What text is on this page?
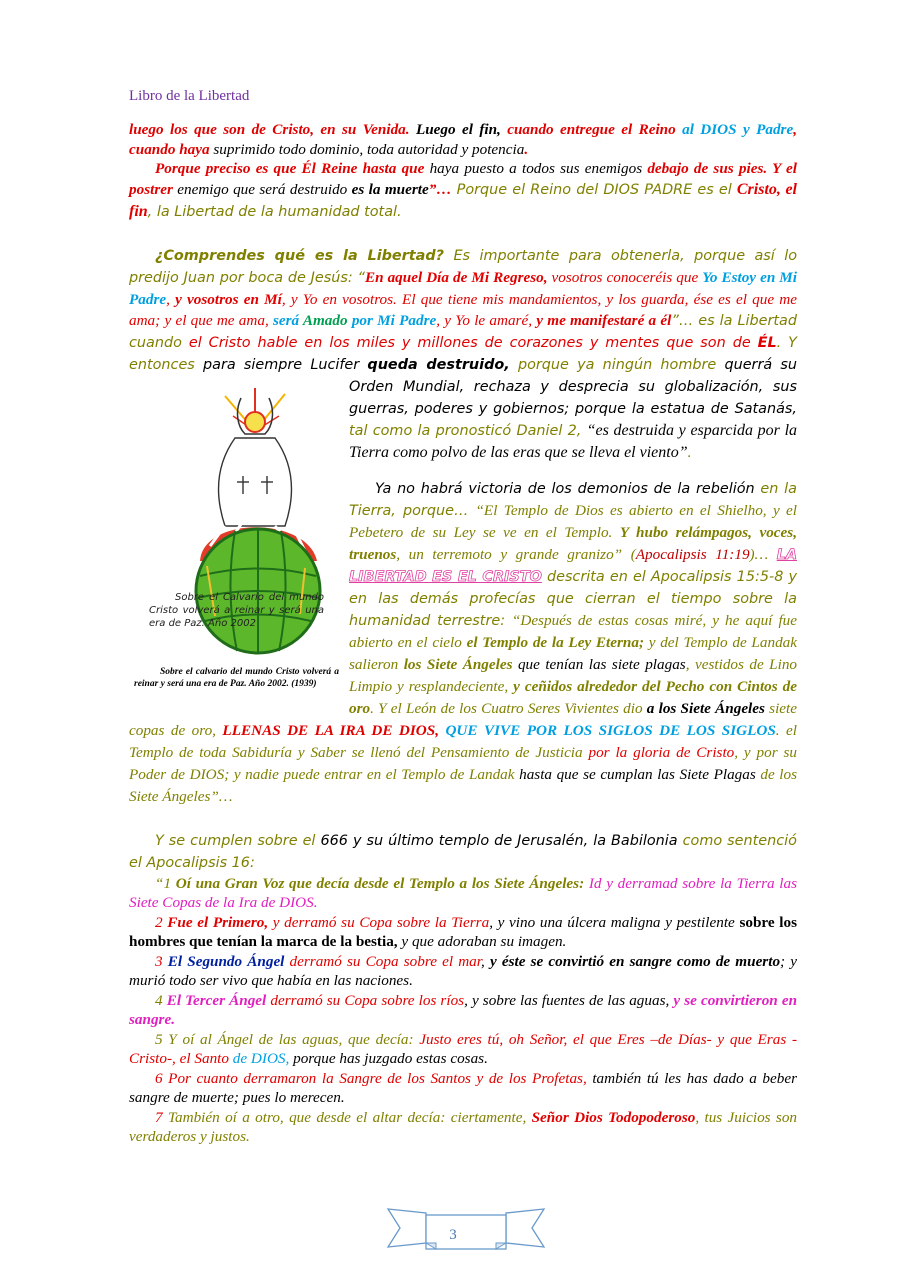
Libro de la Libertad

luego los que son de Cristo, en su Venida. Luego el fin, cuando entregue el Reino al DIOS y Padre, cuando haya suprimido todo dominio, toda autoridad y potencia.

Porque preciso es que Él Reine hasta que haya puesto a todos sus enemigos debajo de sus pies. Y el postrer enemigo que será destruido es la muerte”… Porque el Reino del DIOS PADRE es el Cristo, el fin, la Libertad de la humanidad total.

¿Comprendes qué es la Libertad? Es importante para obtenerla, porque así lo predijo Juan por boca de Jesús: “En aquel Día de Mi Regreso, vosotros conoceréis que Yo Estoy en Mi Padre, y vosotros en Mí, y Yo en vosotros. El que tiene mis mandamientos, y los guarda, ése es el que me ama; y el que me ama, será Amado por Mi Padre, y Yo le amaré, y me manifestaré a él”… es la Libertad cuando el Cristo hable en los miles y millones de corazones y mentes que son de ÉL. Y entonces para siempre Lucifer queda destruido, porque ya ningún hombre
Sobre el Calvario del mundo Cristo volverá a reinar y será una era de Paz. Año 2002
Sobre el calvario del mundo Cristo volverá a reinar y será una era de Paz. Año 2002. (1939)
querrá su Orden Mundial, rechaza y desprecia su globalización, sus guerras, poderes y gobiernos; porque la estatua de Satanás, tal como la pronosticó Daniel 2, “es destruida y esparcida por la Tierra como polvo de las eras que se lleva el viento”.

Ya no habrá victoria de los demonios de la rebelión en la Tierra, porque… “El Templo de Dios es abierto en el Shielho, y el Pebetero de su Ley se ve en el Templo. Y hubo relámpagos, voces, truenos, un terremoto y grande granizo” (Apocalipsis 11:19)… LA LIBERTAD ES EL CRISTO descrita en el Apocalipsis 15:5-8 y en las demás profecías que cierran el tiempo sobre la humanidad terrestre: “Después de estas cosas miré, y he aquí fue abierto en el cielo el Templo de la Ley Eterna; y del Templo de Landak salieron los Siete Ángeles que tenían las siete plagas, vestidos de Lino Limpio y resplandeciente, y ceñidos alrededor del Pecho con Cintos de oro. Y el León de los Cuatro Seres Vivientes dio a los Siete Ángeles siete copas de oro, LLENAS DE LA IRA DE DIOS, QUE VIVE POR LOS SIGLOS DE LOS SIGLOS. el Templo de toda Sabiduría y Saber se llenó del Pensamiento de Justicia por la gloria de Cristo, y por su Poder de DIOS; y nadie puede entrar en el Templo de Landak hasta que se cumplan las Siete Plagas de los Siete Ángeles”…

Y se cumplen sobre el 666 y su último templo de Jerusalén, la Babilonia como sentenció el Apocalipsis 16:

“1 Oí una Gran Voz que decía desde el Templo a los Siete Ángeles: Id y derramad sobre la Tierra las Siete Copas de la Ira de DIOS.

2 Fue el Primero, y derramó su Copa sobre la Tierra, y vino una úlcera maligna y pestilente sobre los hombres que tenían la marca de la bestia, y que adoraban su imagen.

3 El Segundo Ángel derramó su Copa sobre el mar, y éste se convirtió en sangre como de muerto; y murió todo ser vivo que había en las naciones.

4 El Tercer Ángel derramó su Copa sobre los ríos, y sobre las fuentes de las aguas, y se convirtieron en sangre.

5 Y oí al Ángel de las aguas, que decía: Justo eres tú, oh Señor, el que Eres –de Días- y que Eras -Cristo-, el Santo de DIOS, porque has juzgado estas cosas.

6 Por cuanto derramaron la Sangre de los Santos y de los Profetas, también tú les has dado a beber sangre de muerte; pues lo merecen.

7 También oí a otro, que desde el altar decía: ciertamente, Señor Dios Todopoderoso, tus Juicios son verdaderos y justos.

3
